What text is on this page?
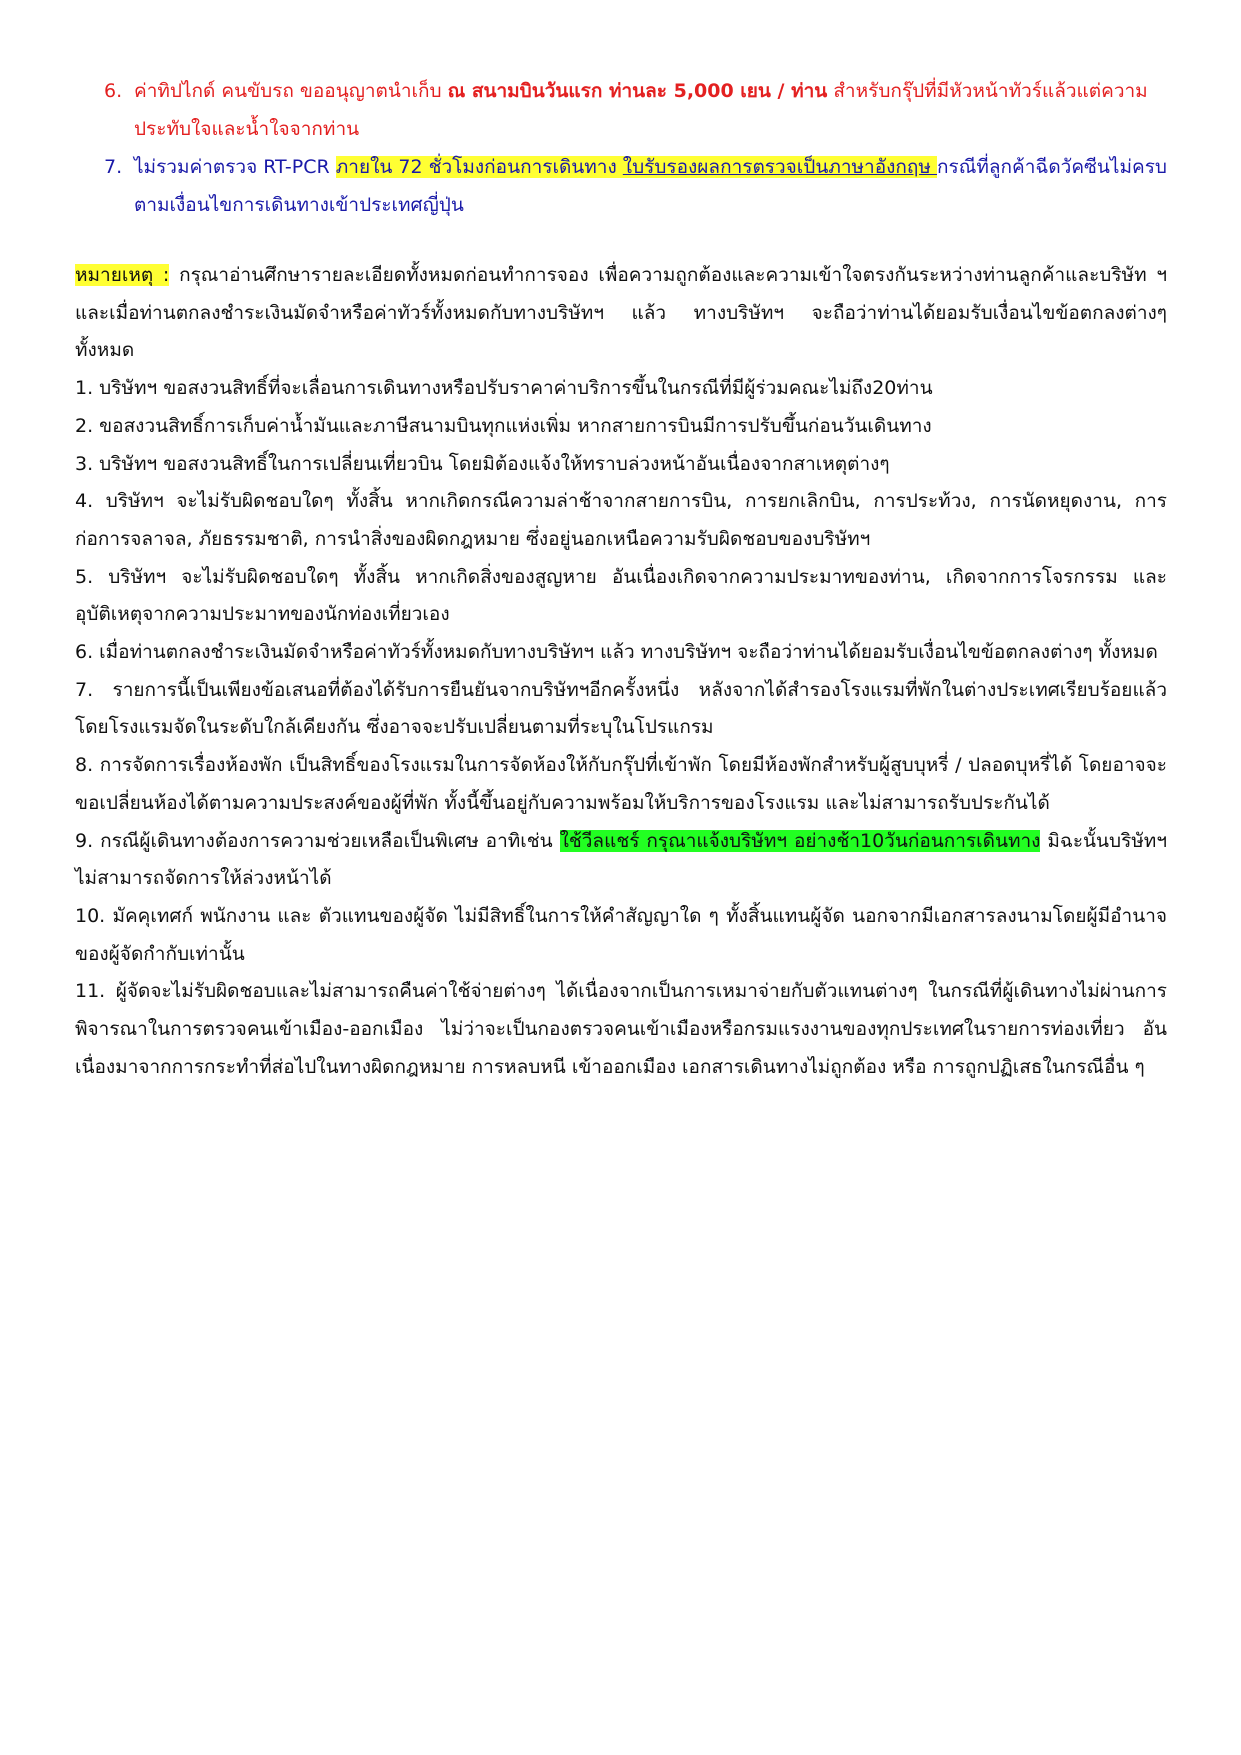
6. ค่าทิปไกด์ คนขับรถ ขออนุญาตนำเก็บ ณ สนามบินวันแรก ท่านละ 5,000 เยน / ท่าน สำหรับกรุ๊ปที่มีหัวหน้าทัวร์แล้วแต่ความประทับใจและน้ำใจจากท่าน
7. ไม่รวมค่าตรวจ RT-PCR ภายใน 72 ชั่วโมงก่อนการเดินทาง ใบรับรองผลการตรวจเป็นภาษาอังกฤษ กรณีที่ลูกค้าฉีดวัคซีนไม่ครบตามเงื่อนไขการเดินทางเข้าประเทศญี่ปุ่น

หมายเหตุ : กรุณาอ่านศึกษารายละเอียดทั้งหมดก่อนทำการจอง เพื่อความถูกต้องและความเข้าใจตรงกันระหว่างท่านลูกค้าและบริษัท ฯ และเมื่อท่านตกลงชำระเงินมัดจำหรือค่าทัวร์ทั้งหมดกับทางบริษัทฯ แล้ว ทางบริษัทฯ จะถือว่าท่านได้ยอมรับเงื่อนไขข้อตกลงต่างๆ ทั้งหมด

1. บริษัทฯ ขอสงวนสิทธิ์ที่จะเลื่อนการเดินทางหรือปรับราคาค่าบริการขึ้นในกรณีที่มีผู้ร่วมคณะไม่ถึง20ท่าน

2. ขอสงวนสิทธิ์การเก็บค่าน้ำมันและภาษีสนามบินทุกแห่งเพิ่ม หากสายการบินมีการปรับขึ้นก่อนวันเดินทาง

3. บริษัทฯ ขอสงวนสิทธิ์ในการเปลี่ยนเที่ยวบิน โดยมิต้องแจ้งให้ทราบล่วงหน้าอันเนื่องจากสาเหตุต่างๆ

4. บริษัทฯ จะไม่รับผิดชอบใดๆ ทั้งสิ้น หากเกิดกรณีความล่าช้าจากสายการบิน, การยกเลิกบิน, การประท้วง, การนัดหยุดงาน, การก่อการจลาจล, ภัยธรรมชาติ, การนำสิ่งของผิดกฎหมาย ซึ่งอยู่นอกเหนือความรับผิดชอบของบริษัทฯ

5. บริษัทฯ จะไม่รับผิดชอบใดๆ ทั้งสิ้น หากเกิดสิ่งของสูญหาย อันเนื่องเกิดจากความประมาทของท่าน, เกิดจากการโจรกรรม และอุบัติเหตุจากความประมาทของนักท่องเที่ยวเอง

6. เมื่อท่านตกลงชำระเงินมัดจำหรือค่าทัวร์ทั้งหมดกับทางบริษัทฯ แล้ว ทางบริษัทฯ จะถือว่าท่านได้ยอมรับเงื่อนไขข้อตกลงต่างๆ ทั้งหมด

7. รายการนี้เป็นเพียงข้อเสนอที่ต้องได้รับการยืนยันจากบริษัทฯอีกครั้งหนึ่ง หลังจากได้สำรองโรงแรมที่พักในต่างประเทศเรียบร้อยแล้ว โดยโรงแรมจัดในระดับใกล้เคียงกัน ซึ่งอาจจะปรับเปลี่ยนตามที่ระบุในโปรแกรม

8. การจัดการเรื่องห้องพัก เป็นสิทธิ์ของโรงแรมในการจัดห้องให้กับกรุ๊ปที่เข้าพัก โดยมีห้องพักสำหรับผู้สูบบุหรี่ / ปลอดบุหรี่ได้ โดยอาจจะขอเปลี่ยนห้องได้ตามความประสงค์ของผู้ที่พัก ทั้งนี้ขึ้นอยู่กับความพร้อมให้บริการของโรงแรม และไม่สามารถรับประกันได้

9. กรณีผู้เดินทางต้องการความช่วยเหลือเป็นพิเศษ อาทิเช่น ใช้วีลแชร์ กรุณาแจ้งบริษัทฯ อย่างช้า10วันก่อนการเดินทาง มิฉะนั้นบริษัทฯไม่สามารถจัดการให้ล่วงหน้าได้

10. มัคคุเทศก์ พนักงาน และ ตัวแทนของผู้จัด ไม่มีสิทธิ์ในการให้คำสัญญาใด ๆ ทั้งสิ้นแทนผู้จัด นอกจากมีเอกสารลงนามโดยผู้มีอำนาจของผู้จัดกำกับเท่านั้น

11. ผู้จัดจะไม่รับผิดชอบและไม่สามารถคืนค่าใช้จ่ายต่างๆ ได้เนื่องจากเป็นการเหมาจ่ายกับตัวแทนต่างๆ ในกรณีที่ผู้เดินทางไม่ผ่านการพิจารณาในการตรวจคนเข้าเมือง-ออกเมือง ไม่ว่าจะเป็นกองตรวจคนเข้าเมืองหรือกรมแรงงานของทุกประเทศในรายการท่องเที่ยว อันเนื่องมาจากการกระทำที่ส่อไปในทางผิดกฎหมาย การหลบหนี เข้าออกเมือง เอกสารเดินทางไม่ถูกต้อง หรือ การถูกปฏิเสธในกรณีอื่น ๆ
